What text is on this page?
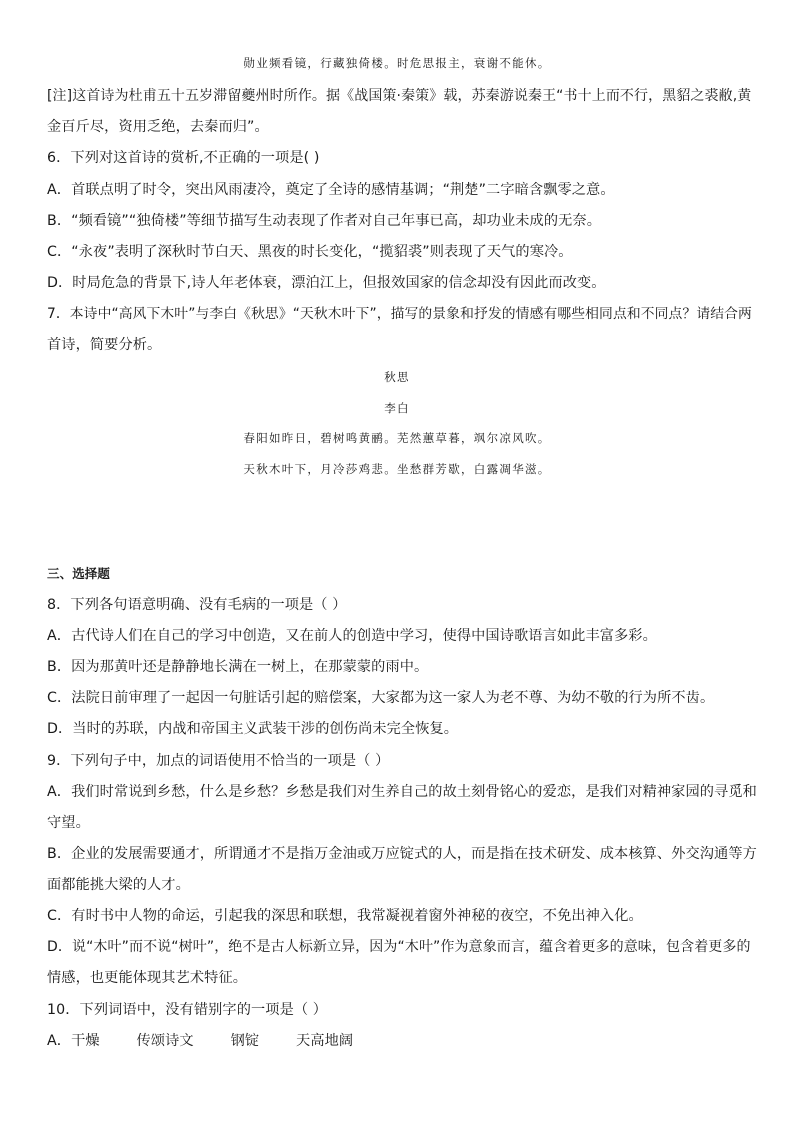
勋业频看镜，行藏独倚楼。时危思报主，衰谢不能休。
[注]这首诗为杜甫五十五岁滞留夔州时所作。据《战国策·秦策》载，苏秦游说秦王“书十上而不行，黑貂之裘敝,黄
金百斤尽，资用乏绝，去秦而归”。
6．下列对这首诗的赏析,不正确的一项是( )
A．首联点明了时令，突出风雨凄冷，奠定了全诗的感情基调；“荆楚”二字暗含飘零之意。
B．“频看镜”“独倚楼”等细节描写生动表现了作者对自己年事已高，却功业未成的无奈。
C．“永夜”表明了深秋时节白天、黑夜的时长变化，“揽貂裘”则表现了天气的寒冷。
D．时局危急的背景下,诗人年老体衰，漂泊江上，但报效国家的信念却没有因此而改变。
7．本诗中“高风下木叶”与李白《秋思》“天秋木叶下”，描写的景象和抒发的情感有哪些相同点和不同点？请结合两
首诗，简要分析。
秋思
李白
春阳如昨日，碧树鸣黄鹂。芜然蕙草暮，飒尔凉风吹。
天秋木叶下，月冷莎鸡悲。坐愁群芳歇，白露凋华滋。
三、选择题
8．下列各句语意明确、没有毛病的一项是（ ）
A．古代诗人们在自己的学习中创造，又在前人的创造中学习，使得中国诗歌语言如此丰富多彩。
B．因为那黄叶还是静静地长满在一树上，在那蒙蒙的雨中。
C．法院日前审理了一起因一句脏话引起的赔偿案，大家都为这一家人为老不尊、为幼不敬的行为所不齿。
D．当时的苏联，内战和帝国主义武装干涉的创伤尚未完全恢复。
9．下列句子中，加点的词语使用不恰当的一项是（ ）
A．我们时常说到乡愁，什么是乡愁？乡愁是我们对生养自己的故土刻骨铭心的爱恋，是我们对精神家园的寻觅和
守望。
B．企业的发展需要通才，所谓通才不是指万金油或万应锭式的人，而是指在技术研发、成本核算、外交沟通等方
面都能挑大梁的人才。
C．有时书中人物的命运，引起我的深思和联想，我常凝视着窗外神秘的夜空，不免出神入化。
D．说“木叶”而不说“树叶”，绝不是古人标新立异，因为“木叶”作为意象而言，蕴含着更多的意味，包含着更多的
情感，也更能体现其艺术特征。
10．下列词语中，没有错别字的一项是（ ）
A．干燥        传颂诗文        钢锭        天高地阔
